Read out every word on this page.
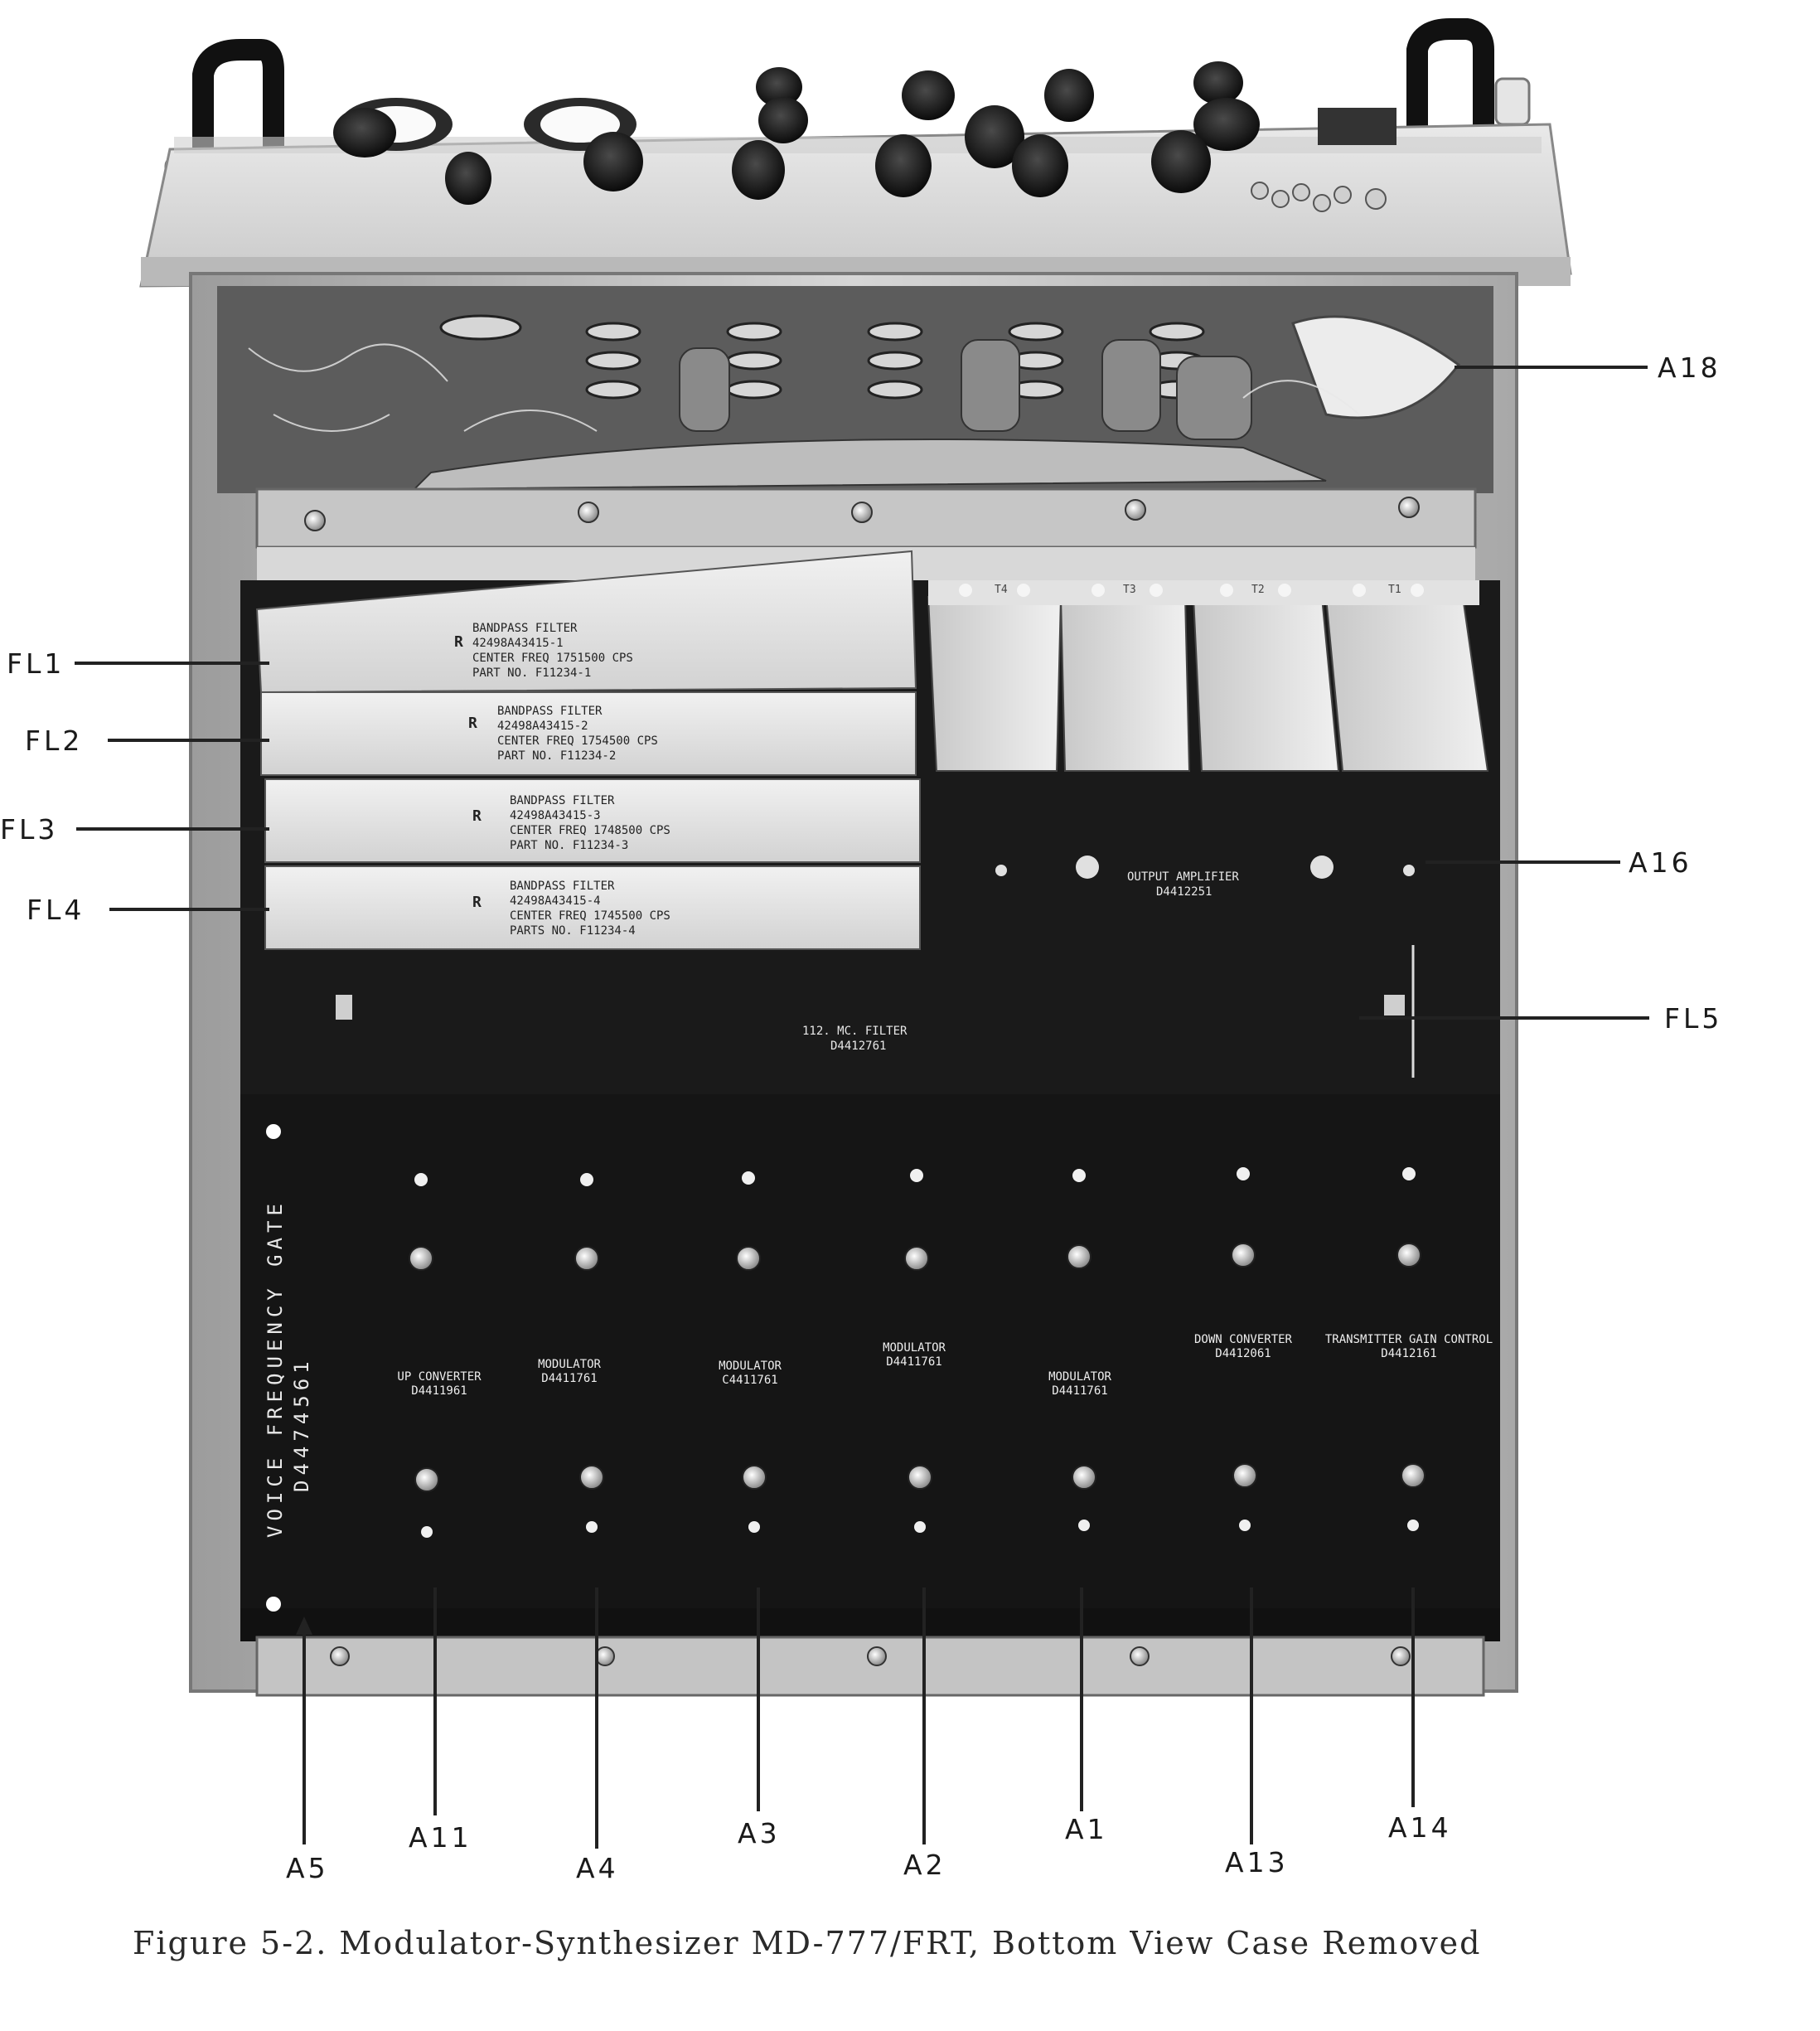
T4	T3	T2	T1
BANDPASS FILTER
42498A43415-1
CENTER FREQ 1751500 CPS
PART NO. F11234-1
R
BANDPASS FILTER
42498A43415-2
CENTER FREQ 1754500 CPS
PART NO. F11234-2
R
BANDPASS FILTER
42498A43415-3
CENTER FREQ 1748500 CPS
PART NO. F11234-3
R
BANDPASS FILTER
42498A43415-4
CENTER FREQ 1745500 CPS
PARTS NO. F11234-4
R
OUTPUT AMPLIFIER
D4412251
112. MC. FILTER
D4412761
VOICE FREQUENCY GATE D4474561	UP CONVERTER
D4411961
MODULATOR
D4411761
MODULATOR
C4411761
MODULATOR
D4411761
MODULATOR
D4411761
DOWN CONVERTER
D4412061
TRANSMITTER GAIN CONTROL
D4412161
FL1
FL2
FL3
FL4
A18
A16
FL5
A5
A11
A4
A3
A2
A1
A13
A14
Figure 5-2. Modulator-Synthesizer MD-777/FRT, Bottom View Case Removed
